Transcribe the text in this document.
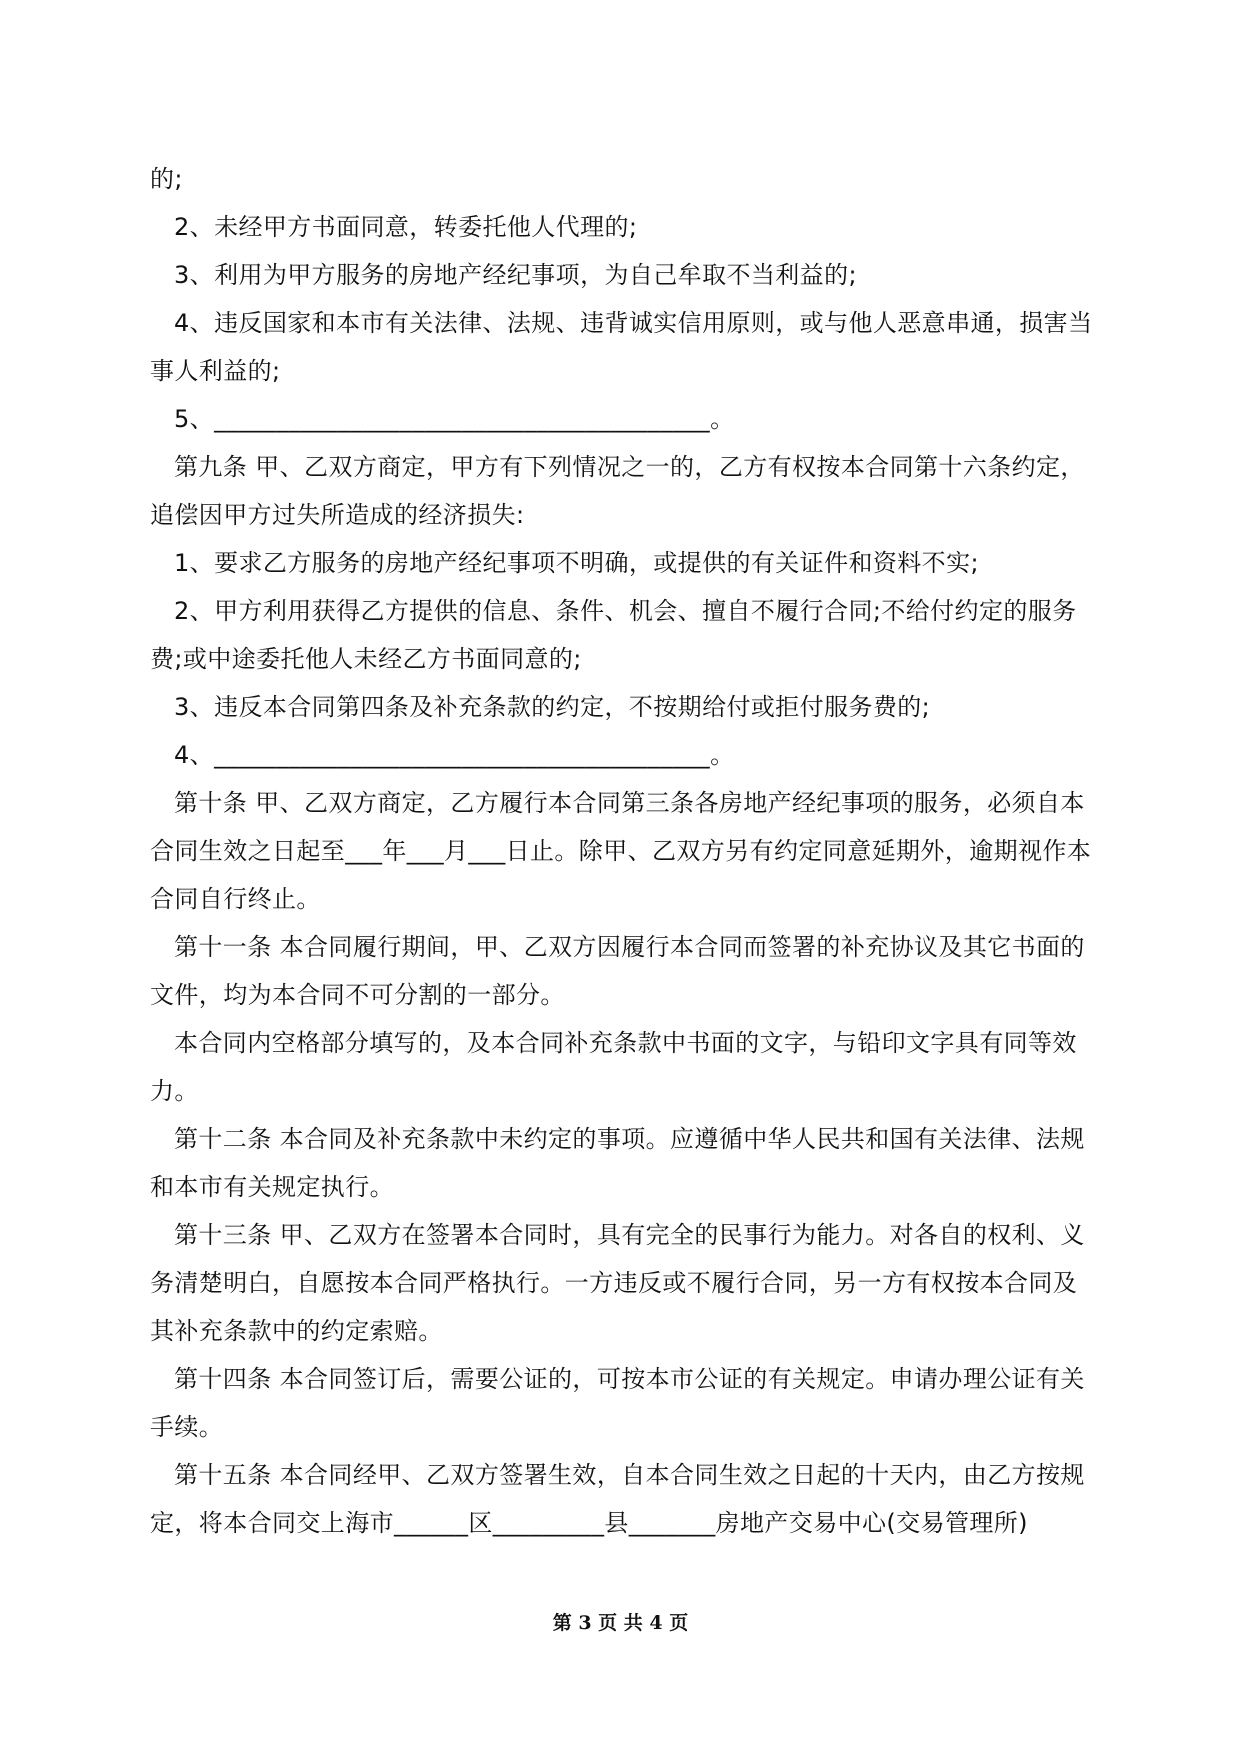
的;

2、未经甲方书面同意，转委托他人代理的;

3、利用为甲方服务的房地产经纪事项，为自己牟取不当利益的;

4、违反国家和本市有关法律、法规、违背诚实信用原则，或与他人恶意串通，损害当事人利益的;

5、________________________________________。

第九条 甲、乙双方商定，甲方有下列情况之一的，乙方有权按本合同第十六条约定，追偿因甲方过失所造成的经济损失:

1、要求乙方服务的房地产经纪事项不明确，或提供的有关证件和资料不实;

2、甲方利用获得乙方提供的信息、条件、机会、擅自不履行合同;不给付约定的服务费;或中途委托他人未经乙方书面同意的;

3、违反本合同第四条及补充条款的约定，不按期给付或拒付服务费的;

4、________________________________________。

第十条 甲、乙双方商定，乙方履行本合同第三条各房地产经纪事项的服务，必须自本合同生效之日起至___年___月___日止。除甲、乙双方另有约定同意延期外，逾期视作本合同自行终止。

第十一条 本合同履行期间，甲、乙双方因履行本合同而签署的补充协议及其它书面的文件，均为本合同不可分割的一部分。

本合同内空格部分填写的，及本合同补充条款中书面的文字，与铅印文字具有同等效力。

第十二条 本合同及补充条款中未约定的事项。应遵循中华人民共和国有关法律、法规和本市有关规定执行。

第十三条 甲、乙双方在签署本合同时，具有完全的民事行为能力。对各自的权利、义务清楚明白，自愿按本合同严格执行。一方违反或不履行合同，另一方有权按本合同及其补充条款中的约定索赔。

第十四条 本合同签订后，需要公证的，可按本市公证的有关规定。申请办理公证有关手续。

第十五条 本合同经甲、乙双方签署生效，自本合同生效之日起的十天内，由乙方按规定，将本合同交上海市______区_________县_______房地产交易中心(交易管理所)

第 3 页 共 4 页
